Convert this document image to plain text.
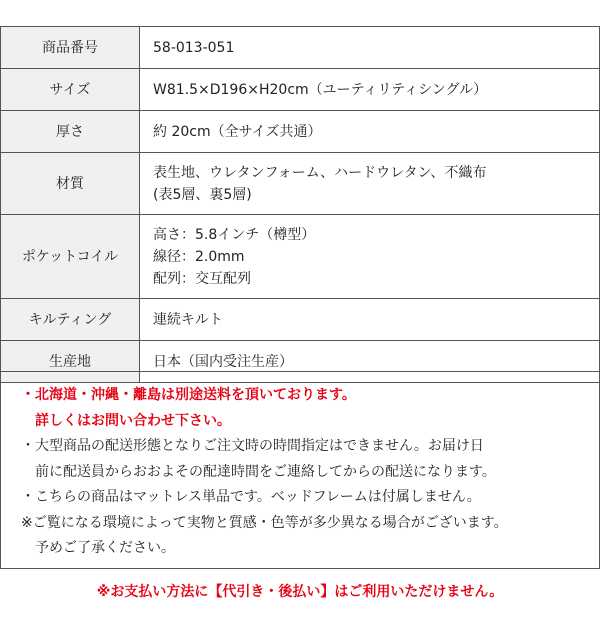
商品番号	58-013-051

サイズ	W81.5×D196×H20cm（ユーティリティシングル）

厚さ	約 20cm（全サイズ共通）

材質	表生地、ウレタンフォーム、ハードウレタン、不織布
(表5層、裏5層)

ポケットコイル	高さ：5.8インチ（樽型）
線径：2.0mm
配列：交互配列

キルティング	連続キルト

生産地	日本（国内受注生産）
・北海道・沖縄・離島は別途送料を頂いております。
　詳しくはお問い合わせ下さい。
・大型商品の配送形態となりご注文時の時間指定はできません。お届け日
　前に配送員からおおよその配達時間をご連絡してからの配送になります。
・こちらの商品はマットレス単品です。ベッドフレームは付属しません。
※ご覧になる環境によって実物と質感・色等が多少異なる場合がございます。
　予めご了承ください。
※お支払い方法に【代引き・後払い】はご利用いただけません。
